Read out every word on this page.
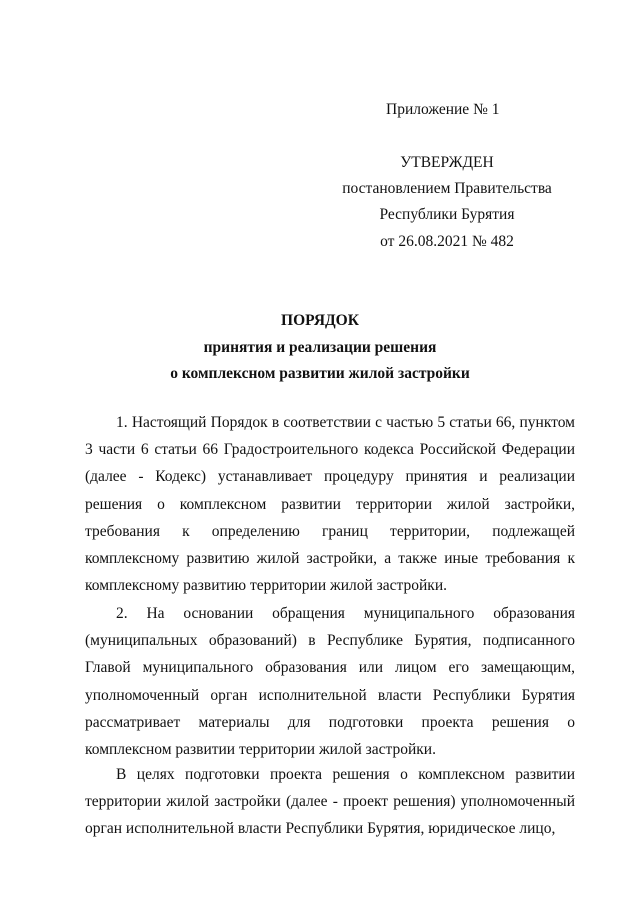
Приложение № 1
УТВЕРЖДЕН
постановлением Правительства
Республики Бурятия
от 26.08.2021 № 482
ПОРЯДОК
принятия и реализации решения
о комплексном развитии жилой застройки

1. Настоящий Порядок в соответствии с частью 5 статьи 66, пунктом 3 части 6 статьи 66 Градостроительного кодекса Российской Федерации (далее - Кодекс) устанавливает процедуру принятия и реализации решения о комплексном развитии территории жилой застройки, требования к определению границ территории, подлежащей комплексному развитию жилой застройки, а также иные требования к комплексному развитию территории жилой застройки.

2. На основании обращения муниципального образования (муниципальных образований) в Республике Бурятия, подписанного Главой муниципального образования или лицом его замещающим, уполномоченный орган исполнительной власти Республики Бурятия рассматривает материалы для подготовки проекта решения о комплексном развитии территории жилой застройки.

В целях подготовки проекта решения о комплексном развитии территории жилой застройки (далее - проект решения) уполномоченный орган исполнительной власти Республики Бурятия, юридическое лицо,
